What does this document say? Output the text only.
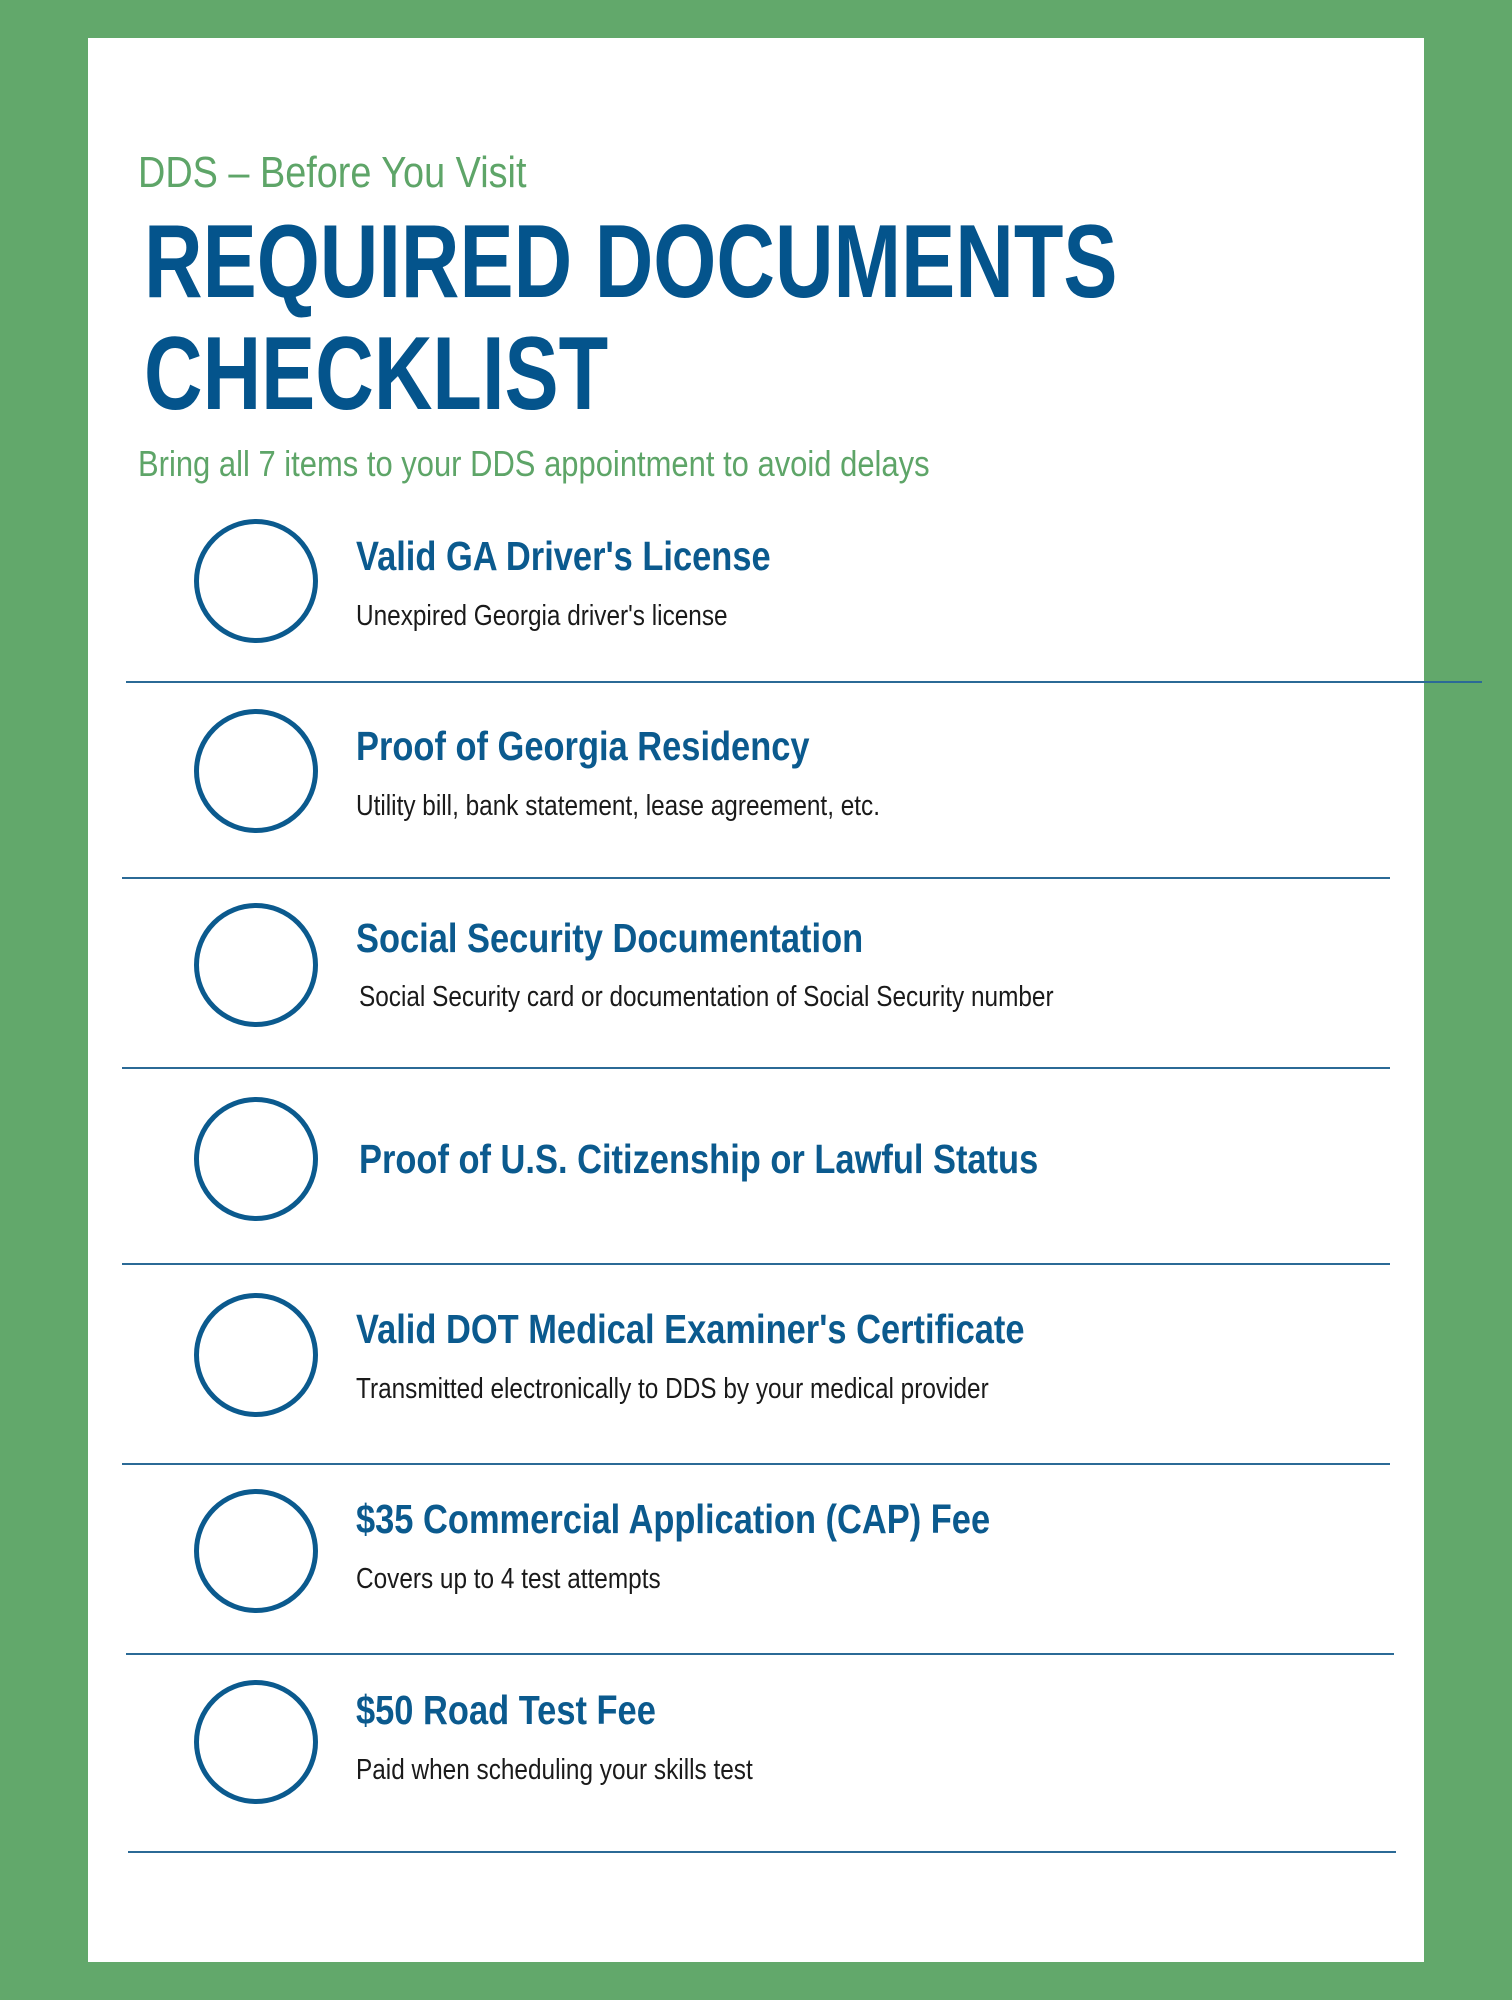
DDS – Before You Visit
REQUIRED DOCUMENTS
CHECKLIST
Bring all 7 items to your DDS appointment to avoid delays
Valid GA Driver's License
Unexpired Georgia driver's license
Proof of Georgia Residency
Utility bill, bank statement, lease agreement, etc.
Social Security Documentation
Social Security card or documentation of Social Security number
Proof of U.S. Citizenship or Lawful Status
Valid DOT Medical Examiner's Certificate
Transmitted electronically to DDS by your medical provider
$35 Commercial Application (CAP) Fee
Covers up to 4 test attempts
$50 Road Test Fee
Paid when scheduling your skills test
